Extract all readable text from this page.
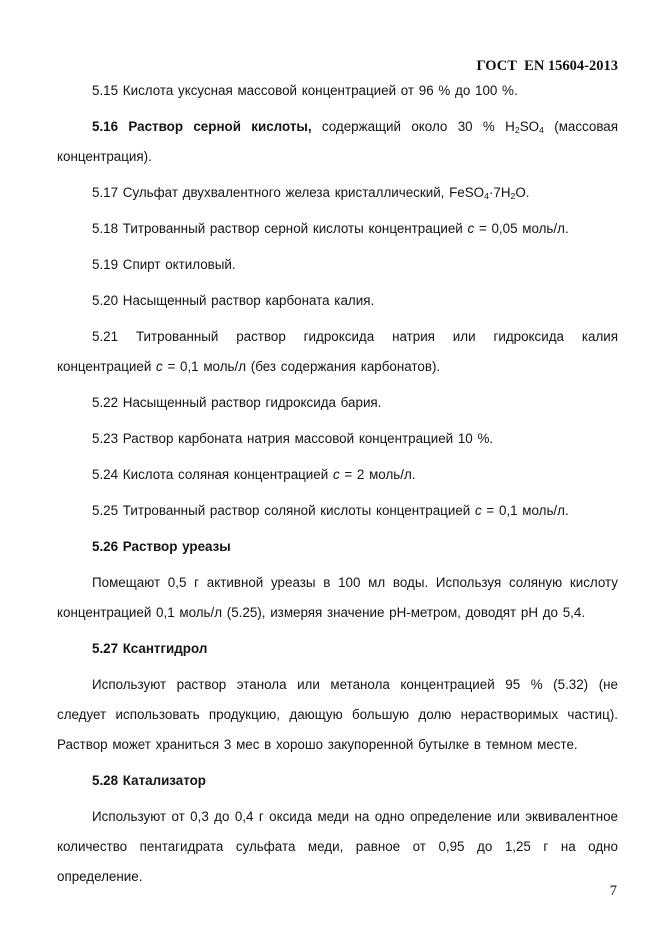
ГОСТ  EN 15604-2013

5.15 Кислота уксусная массовой концентрацией от 96 % до 100 %.

5.16 Раствор серной кислоты, содержащий около 30 % $H_2SO_4$ (массовая концентрация).

5.17 Сульфат двухвалентного железа кристаллический, $FeSO_4\cdot 7H_2O$.

5.18 Титрованный раствор серной кислоты концентрацией c = 0,05 моль/л.

5.19 Спирт октиловый.

5.20 Насыщенный раствор карбоната калия.

5.21 Титрованный раствор гидроксида натрия или гидроксида калия концентрацией c = 0,1 моль/л (без содержания карбонатов).

5.22 Насыщенный раствор гидроксида бария.

5.23 Раствор карбоната натрия массовой концентрацией 10 %.

5.24 Кислота соляная концентрацией c = 2 моль/л.

5.25 Титрованный раствор соляной кислоты концентрацией c = 0,1 моль/л.

5.26 Раствор уреазы

Помещают 0,5 г активной уреазы в 100 мл воды. Используя соляную кислоту концентрацией 0,1 моль/л (5.25), измеряя значение pH-метром, доводят pH до 5,4.

5.27 Ксантгидрол

Используют раствор этанола или метанола концентрацией 95 % (5.32) (не следует использовать продукцию, дающую большую долю нерастворимых частиц). Раствор может храниться 3 мес в хорошо закупоренной бутылке в темном месте.

5.28 Катализатор

Используют от 0,3 до 0,4 г оксида меди на одно определение или эквивалентное количество пентагидрата сульфата меди, равное от 0,95 до 1,25 г на одно определение.

7
